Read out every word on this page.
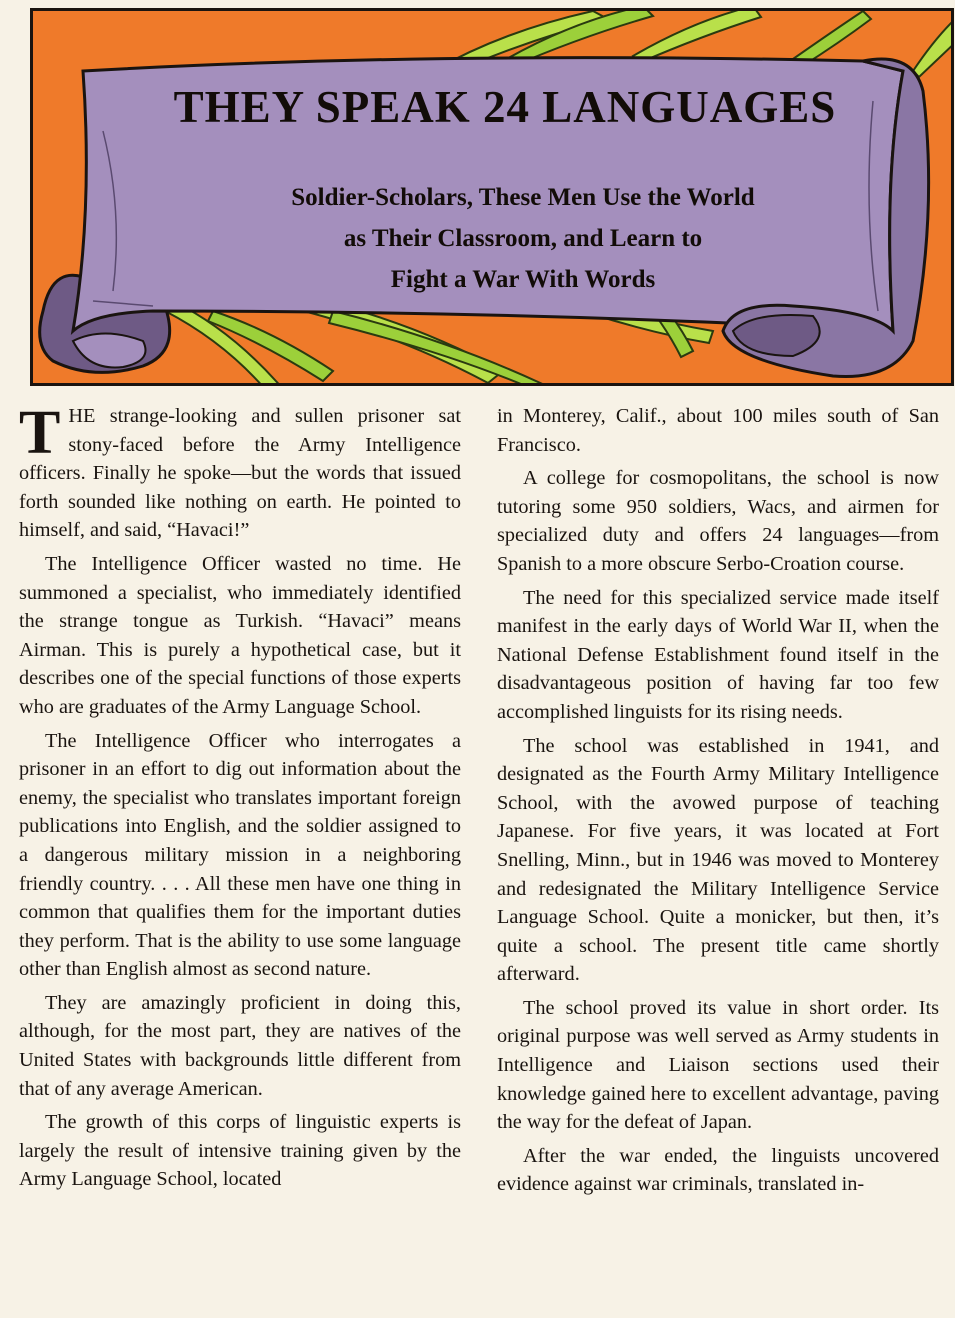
THEY SPEAK 24 LANGUAGES
Soldier-Scholars, These Men Use the World
as Their Classroom, and Learn to
Fight a War With Words

THE strange-looking and sullen prisoner sat stony-faced before the Army Intelligence officers. Finally he spoke—but the words that issued forth sounded like nothing on earth. He pointed to himself, and said, “Havaci!”

The Intelligence Officer wasted no time. He summoned a specialist, who immediately identified the strange tongue as Turkish. “Havaci” means Airman. This is purely a hypothetical case, but it describes one of the special functions of those experts who are graduates of the Army Language School.

The Intelligence Officer who interrogates a prisoner in an effort to dig out information about the enemy, the specialist who translates important foreign publications into English, and the soldier assigned to a dangerous military mission in a neighboring friendly country. . . . All these men have one thing in common that qualifies them for the important duties they perform. That is the ability to use some language other than English almost as second nature.

They are amazingly proficient in doing this, although, for the most part, they are natives of the United States with backgrounds little different from that of any average American.

The growth of this corps of linguistic experts is largely the result of intensive training given by the Army Language School, located

in Monterey, Calif., about 100 miles south of San Francisco.

A college for cosmopolitans, the school is now tutoring some 950 soldiers, Wacs, and airmen for specialized duty and offers 24 languages—from Spanish to a more obscure Serbo-Croation course.

The need for this specialized service made itself manifest in the early days of World War II, when the National Defense Establishment found itself in the disadvantageous position of having far too few accomplished linguists for its rising needs.

The school was established in 1941, and designated as the Fourth Army Military Intelligence School, with the avowed purpose of teaching Japanese. For five years, it was located at Fort Snelling, Minn., but in 1946 was moved to Monterey and redesignated the Military Intelligence Service Language School. Quite a monicker, but then, it’s quite a school. The present title came shortly afterward.

The school proved its value in short order. Its original purpose was well served as Army students in Intelligence and Liaison sections used their knowledge gained here to excellent advantage, paving the way for the defeat of Japan.

After the war ended, the linguists uncovered evidence against war criminals, translated in-
